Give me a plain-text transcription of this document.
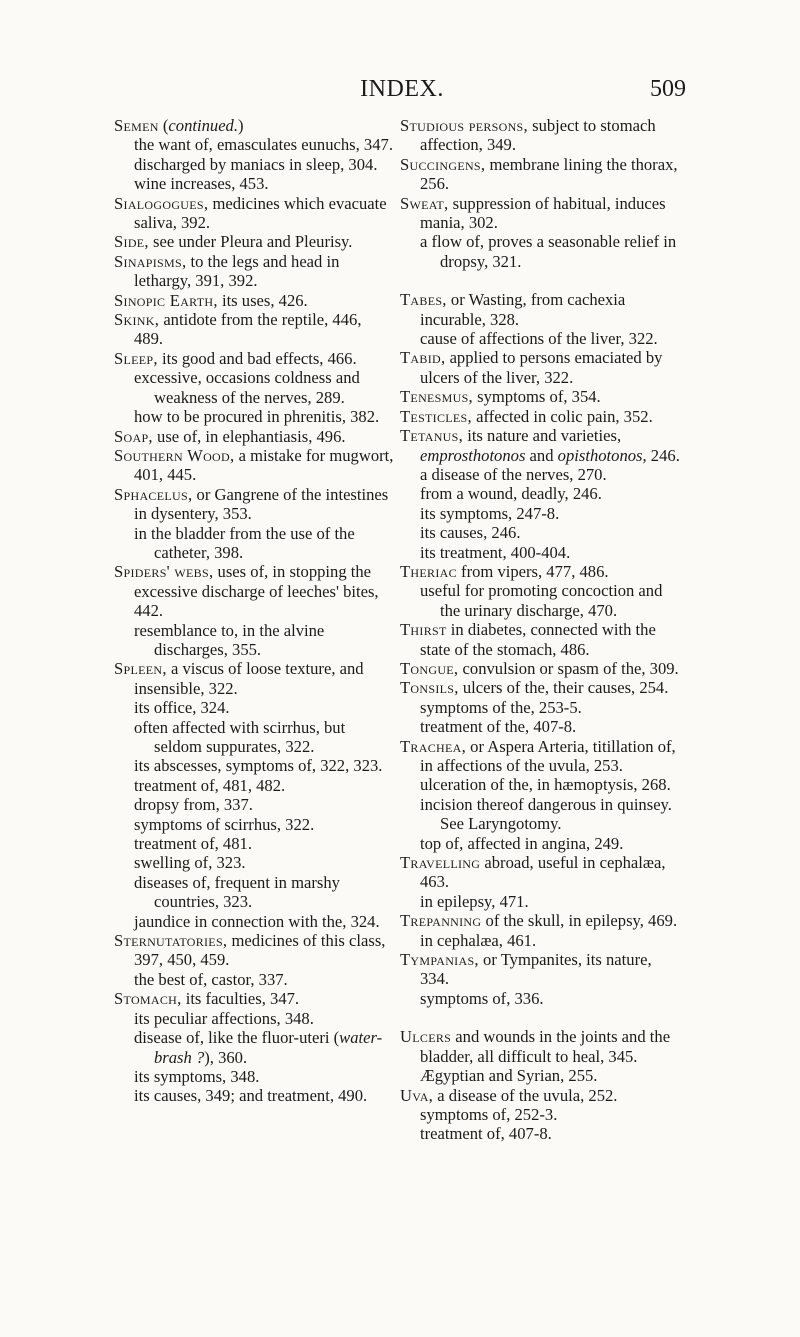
INDEX.	509

Semen (continued.)

the want of, emasculates eunuchs, 347.

discharged by maniacs in sleep, 304.

wine increases, 453.

Sialogogues, medicines which evacuate saliva, 392.

Side, see under Pleura and Pleurisy.

Sinapisms, to the legs and head in lethargy, 391, 392.

Sinopic Earth, its uses, 426.

Skink, antidote from the reptile, 446, 489.

Sleep, its good and bad effects, 466.

excessive, occasions coldness and weakness of the nerves, 289.

how to be procured in phrenitis, 382.

Soap, use of, in elephantiasis, 496.

Southern Wood, a mistake for mugwort, 401, 445.

Sphacelus, or Gangrene of the intestines in dysentery, 353.

in the bladder from the use of the catheter, 398.

Spiders' webs, uses of, in stopping the excessive discharge of leeches' bites, 442.

resemblance to, in the alvine discharges, 355.

Spleen, a viscus of loose texture, and insensible, 322.

its office, 324.

often affected with scirrhus, but seldom suppurates, 322.

its abscesses, symptoms of, 322, 323.

treatment of, 481, 482.

dropsy from, 337.

symptoms of scirrhus, 322.

treatment of, 481.

swelling of, 323.

diseases of, frequent in marshy countries, 323.

jaundice in connection with the, 324.

Sternutatories, medicines of this class, 397, 450, 459.

the best of, castor, 337.

Stomach, its faculties, 347.

its peculiar affections, 348.

disease of, like the fluor-uteri (water-brash ?), 360.

its symptoms, 348.

its causes, 349; and treatment, 490.

Studious persons, subject to stomach affection, 349.

Succingens, membrane lining the thorax, 256.

Sweat, suppression of habitual, induces mania, 302.

a flow of, proves a seasonable relief in dropsy, 321.

Tabes, or Wasting, from cachexia incurable, 328.

cause of affections of the liver, 322.

Tabid, applied to persons emaciated by ulcers of the liver, 322.

Tenesmus, symptoms of, 354.

Testicles, affected in colic pain, 352.

Tetanus, its nature and varieties, emprosthotonos and opisthotonos, 246.

a disease of the nerves, 270.

from a wound, deadly, 246.

its symptoms, 247-8.

its causes, 246.

its treatment, 400-404.

Theriac from vipers, 477, 486.

useful for promoting concoction and the urinary discharge, 470.

Thirst in diabetes, connected with the state of the stomach, 486.

Tongue, convulsion or spasm of the, 309.

Tonsils, ulcers of the, their causes, 254.

symptoms of the, 253-5.

treatment of the, 407-8.

Trachea, or Aspera Arteria, titillation of, in affections of the uvula, 253.

ulceration of the, in hæmoptysis, 268.

incision thereof dangerous in quinsey. See Laryngotomy.

top of, affected in angina, 249.

Travelling abroad, useful in cephalæa, 463.

in epilepsy, 471.

Trepanning of the skull, in epilepsy, 469.

in cephalæa, 461.

Tympanias, or Tympanites, its nature, 334.

symptoms of, 336.

Ulcers and wounds in the joints and the bladder, all difficult to heal, 345.

Ægyptian and Syrian, 255.

Uva, a disease of the uvula, 252.

symptoms of, 252-3.

treatment of, 407-8.
